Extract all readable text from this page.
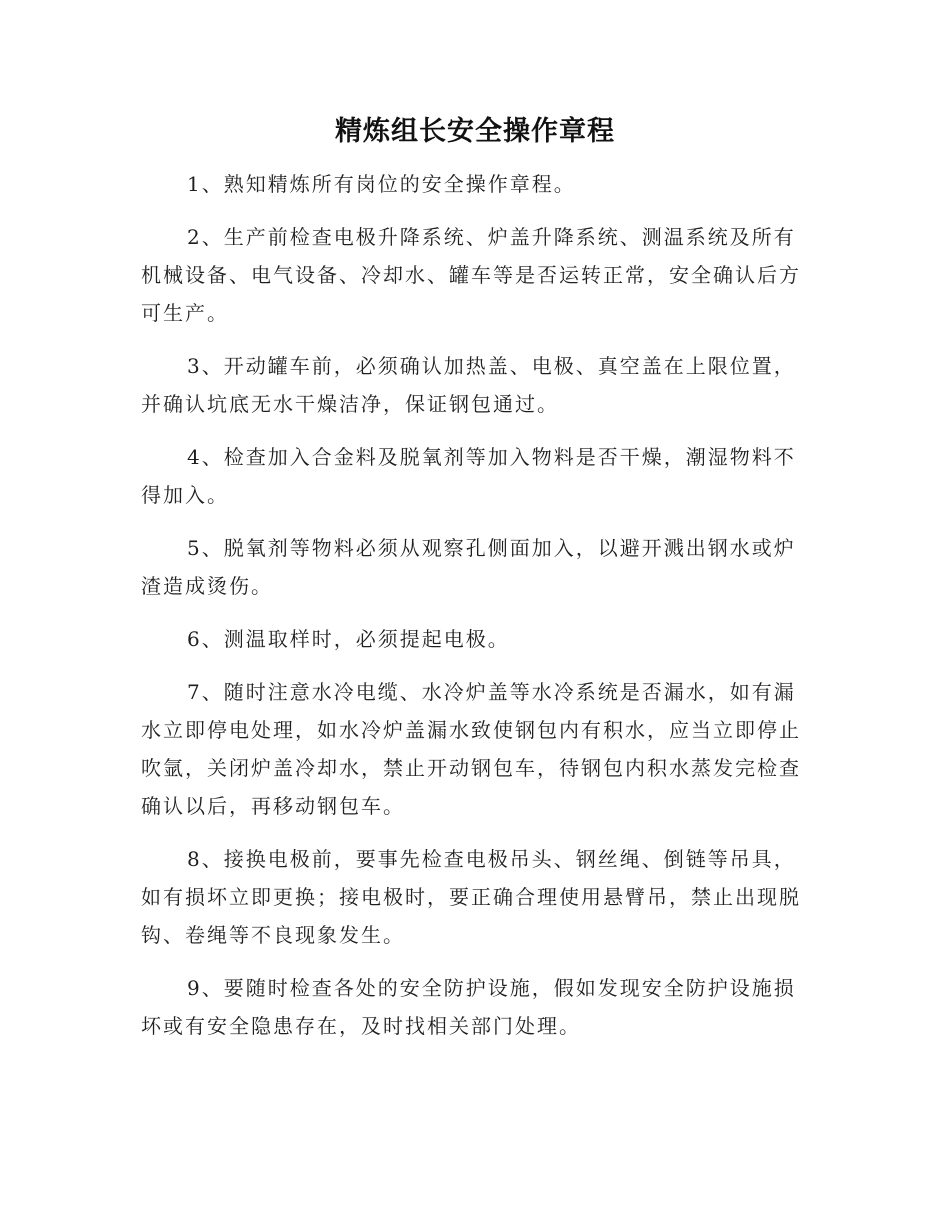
精炼组长安全操作章程

1、熟知精炼所有岗位的安全操作章程。

2、生产前检查电极升降系统、炉盖升降系统、测温系统及所有机械设备、电气设备、冷却水、罐车等是否运转正常，安全确认后方可生产。

3、开动罐车前，必须确认加热盖、电极、真空盖在上限位置，并确认坑底无水干燥洁净，保证钢包通过。

4、检查加入合金料及脱氧剂等加入物料是否干燥，潮湿物料不得加入。

5、脱氧剂等物料必须从观察孔侧面加入，以避开溅出钢水或炉渣造成烫伤。

6、测温取样时，必须提起电极。

7、随时注意水冷电缆、水冷炉盖等水冷系统是否漏水，如有漏水立即停电处理，如水冷炉盖漏水致使钢包内有积水，应当立即停止吹氩，关闭炉盖冷却水，禁止开动钢包车，待钢包内积水蒸发完检查确认以后，再移动钢包车。

8、接换电极前，要事先检查电极吊头、钢丝绳、倒链等吊具，如有损坏立即更换；接电极时，要正确合理使用悬臂吊，禁止出现脱钩、卷绳等不良现象发生。

9、要随时检查各处的安全防护设施，假如发现安全防护设施损坏或有安全隐患存在，及时找相关部门处理。
